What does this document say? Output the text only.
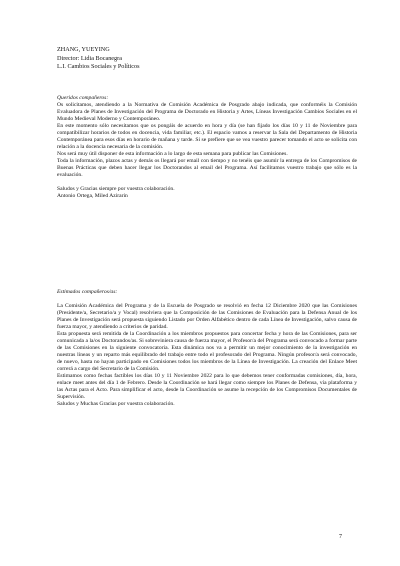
ZHANG, YUEYING
Director: Lidia Bocanegra
L.I. Cambios Sociales y Políticos

Queridos compañeros:

Os solicitamos, atendiendo a la Normativa de Comisión Académica de Posgrado abajo indicada, que conforméis la Comisión Evaluadora de Planes de Investigación del Programa de Doctorado en Historia y Artes, Líneas Investigación Cambios Sociales en el Mundo Medieval Moderno y Contemporáneo.

En este momento sólo necesitamos que os pongáis de acuerdo en hora y día (se han fijado los días 10 y 11 de Noviembre para compatibilizar horarios de todos en docencia, vida familiar, etc.). El espacio vamos a reservar la Sala del Departamento de Historia Contemporánea para esos días en horario de mañana y tarde. Si se prefiere que se vea vuestro parecer tomando el acto se solicita con relación a la docencia necesaria de la comisión.

Nos será muy útil disponer de esta información a lo largo de esta semana para publicar las Comisiones.

Toda la información, plazos actas y demás os llegará por email con tiempo y no tenéis que asumir la entrega de los Compromisos de Buenas Prácticas que deben hacer llegar los Doctorandos al email del Programa. Así facilitamos vuestro trabajo que sólo es la evaluación.

Saludos y Gracias siempre por vuestra colaboración.

Antonio Ortega, Miled Azirarin

Estimados compañeros/as:

La Comisión Académica del Programa y de la Escuela de Posgrado se resolvió en fecha 12 Diciembre 2020 que las Comisiones (Presidente/a, Secretario/a y Vocal) resolviera que la Composición de las Comisiones de Evaluación para la Defensa Anual de los Planes de Investigación será propuesta siguiendo Listado por Orden Alfabético dentro de cada Línea de Investigación, salvo causa de fuerza mayor, y atendiendo a criterios de paridad.

Esta propuesta será remitida de la Coordinación a los miembros propuestos para concertar fecha y hora de las Comisiones, para ser comunicada a la/os Doctorandos/as. Si sobreviniera causa de fuerza mayor, el Profesor/a del Programa será convocado a formar parte de las Comisiones en la siguiente convocatoria. Esta dinámica nos va a permitir un mejor conocimiento de la investigación en nuestras líneas y un reparto más equilibrado del trabajo entre todo el profesorado del Programa. Ningún profesor/a será convocado, de nuevo, hasta no hayan participado en Comisiones todos los miembros de la Línea de Investigación. La creación del Enlace Meet correrá a cargo del Secretario de la Comisión.

Estimamos como fechas factibles los días 10 y 11 Noviembre 2022 para lo que debemos tener conformadas comisiones, día, hora, enlace meet antes del día 1 de Febrero. Desde la Coordinación se hará llegar como siempre los Planes de Defensa, vía plataforma y las Actas para el Acto. Para simplificar el acto, desde la Coordinación se asume la recepción de los Compromisos Documentales de Supervisión.

Saludos y Muchas Gracias por vuestra colaboración.

7
